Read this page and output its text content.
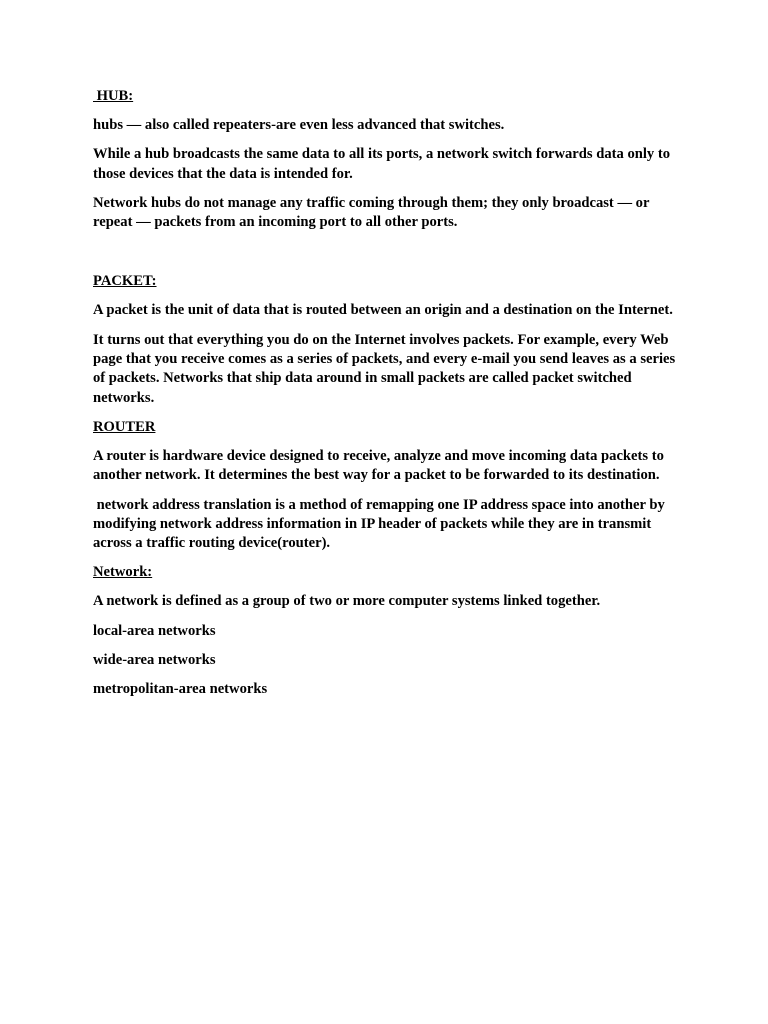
HUB:
hubs — also called repeaters-are even less advanced that switches.
While a hub broadcasts the same data to all its ports, a network switch forwards data only to those devices that the data is intended for.
Network hubs do not manage any traffic coming through them; they only broadcast — or repeat — packets from an incoming port to all other ports.
PACKET:
A packet is the unit of data that is routed between an origin and a destination on the Internet.
It turns out that everything you do on the Internet involves packets. For example, every Web page that you receive comes as a series of packets, and every e-mail you send leaves as a series of packets. Networks that ship data around in small packets are called packet switched networks.
ROUTER
A router is hardware device designed to receive, analyze and move incoming data packets to another network. It determines the best way for a packet to be forwarded to its destination.
network address translation is a method of remapping one IP address space into another by modifying network address information in IP header of packets while they are in transmit across a traffic routing device(router).
Network:
A network is defined as a group of two or more computer systems linked together.
local-area networks
wide-area networks
metropolitan-area networks
